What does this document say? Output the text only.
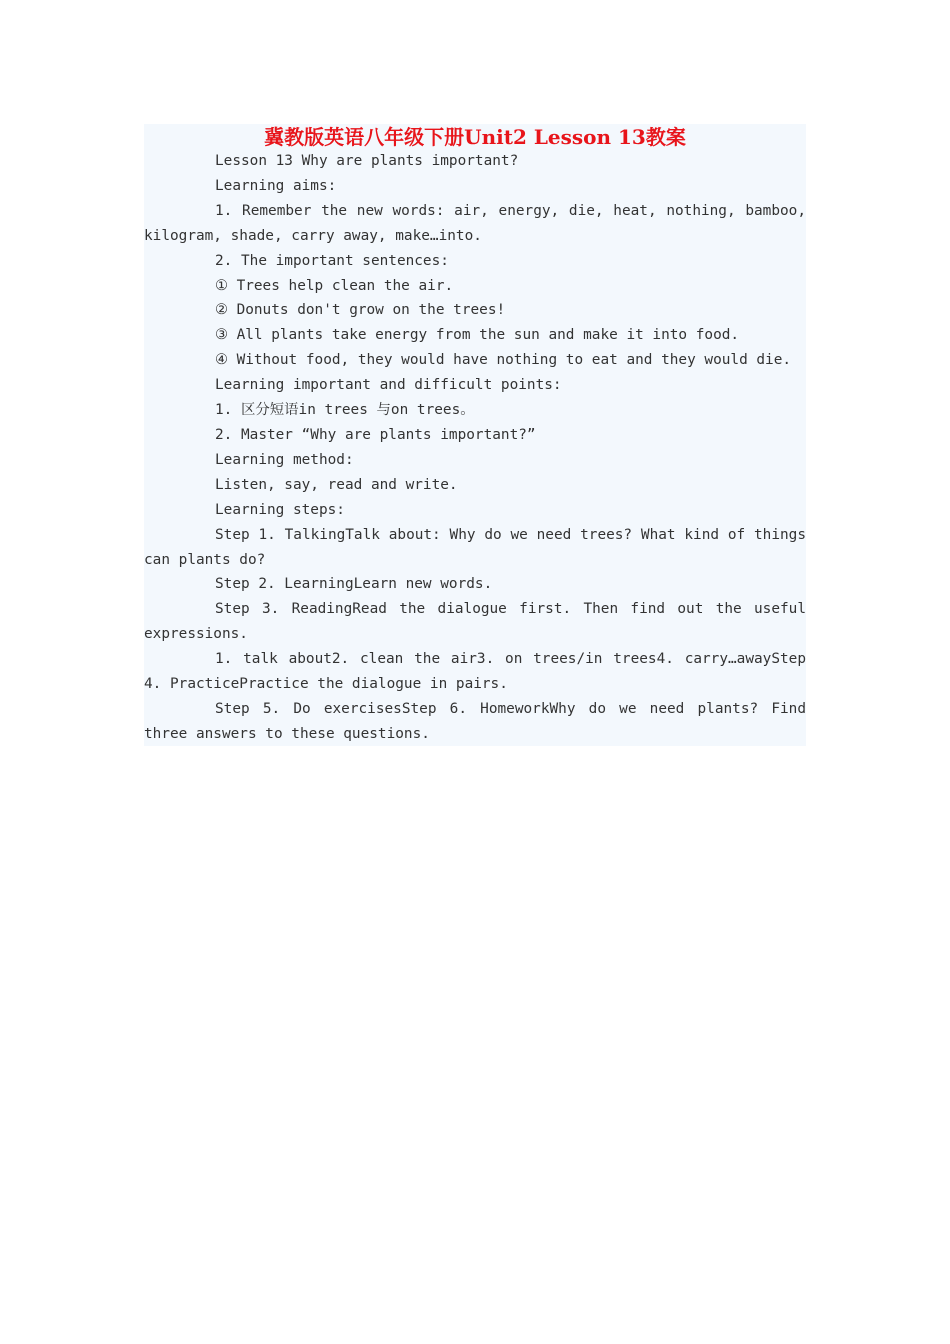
冀教版英语八年级下册Unit2 Lesson 13教案

Lesson 13 Why are plants important?

Learning aims:

1. Remember the new words: air, energy, die, heat, nothing, bamboo, kilogram, shade, carry away, make…into.

2. The important sentences:

① Trees help clean the air.

② Donuts don't grow on the trees!

③ All plants take energy from the sun and make it into food.

④ Without food, they would have nothing to eat and they would die.

Learning important and difficult points:

1. 区分短语in trees 与on trees。

2. Master “Why are plants important?”

Learning method:

Listen, say, read and write.

Learning steps:

Step 1. TalkingTalk about: Why do we need trees? What kind of things can plants do?

Step 2. LearningLearn new words.

Step 3. ReadingRead the dialogue first. Then find out the useful expressions.

1. talk about2. clean the air3. on trees/in trees4. carry…awayStep 4. PracticePractice the dialogue in pairs.

Step 5. Do exercisesStep 6. HomeworkWhy do we need plants? Find three answers to these questions.
